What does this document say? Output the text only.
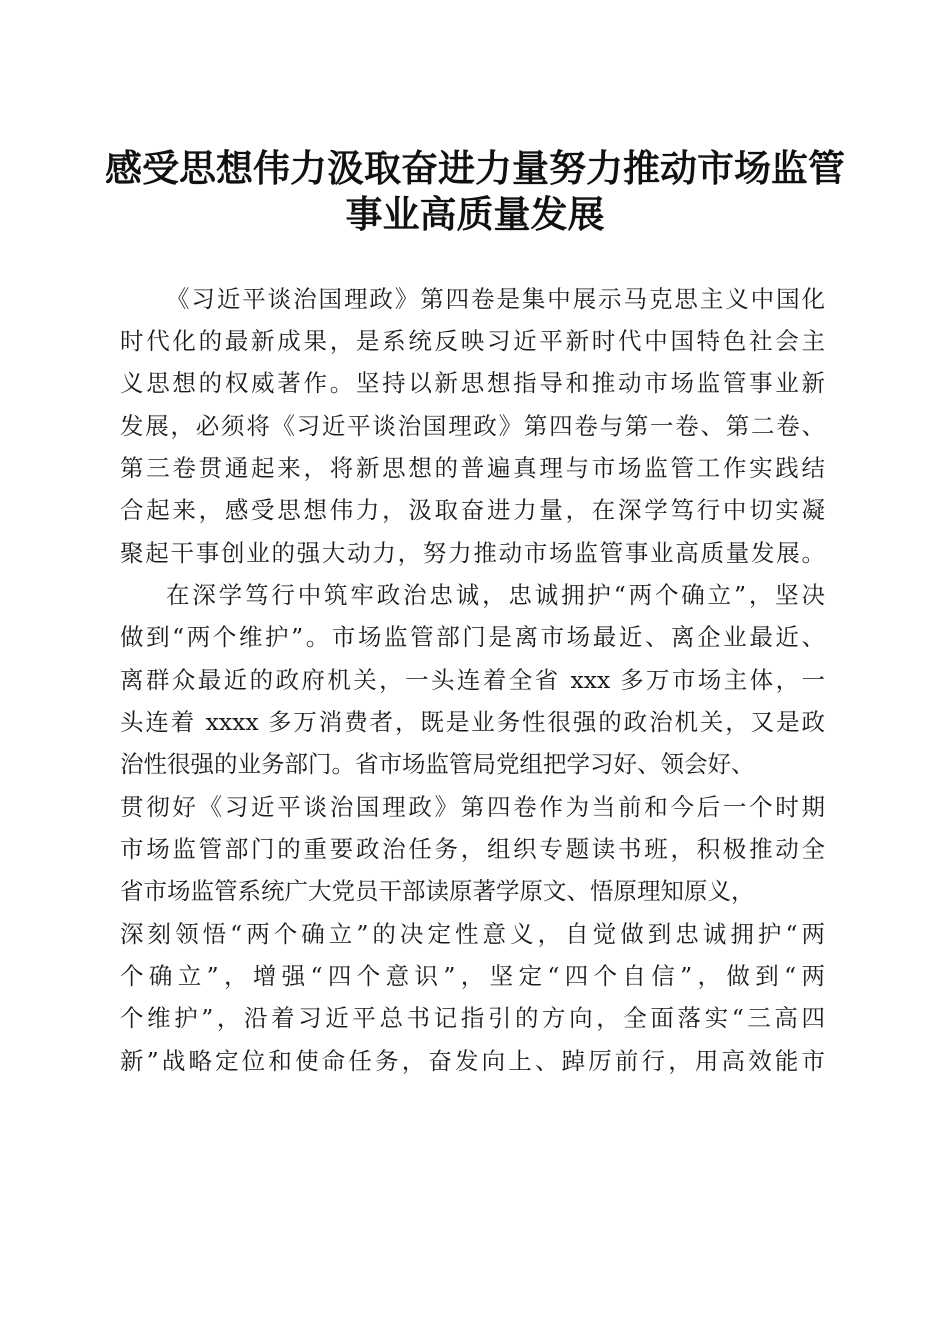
感受思想伟力汲取奋进力量努力推动市场监管
事业高质量发展
《习近平谈治国理政》第四卷是集中展示马克思主义中国化
时代化的最新成果，是系统反映习近平新时代中国特色社会主
义思想的权威著作。坚持以新思想指导和推动市场监管事业新
发展，必须将《习近平谈治国理政》第四卷与第一卷、第二卷、
第三卷贯通起来，将新思想的普遍真理与市场监管工作实践结
合起来，感受思想伟力，汲取奋进力量，在深学笃行中切实凝
聚起干事创业的强大动力，努力推动市场监管事业高质量发展。
在深学笃行中筑牢政治忠诚，忠诚拥护“两个确立”，坚决
做到“两个维护”。市场监管部门是离市场最近、离企业最近、
离群众最近的政府机关，一头连着全省 xxx 多万市场主体，一
头连着 xxxx 多万消费者，既是业务性很强的政治机关，又是政
治性很强的业务部门。省市场监管局党组把学习好、领会好、
贯彻好《习近平谈治国理政》第四卷作为当前和今后一个时期
市场监管部门的重要政治任务，组织专题读书班，积极推动全
省市场监管系统广大党员干部读原著学原文、悟原理知原义，
深刻领悟“两个确立”的决定性意义，自觉做到忠诚拥护“两
个确立”，增强“四个意识”，坚定“四个自信”，做到“两
个维护”，沿着习近平总书记指引的方向，全面落实“三高四
新”战略定位和使命任务，奋发向上、踔厉前行，用高效能市
